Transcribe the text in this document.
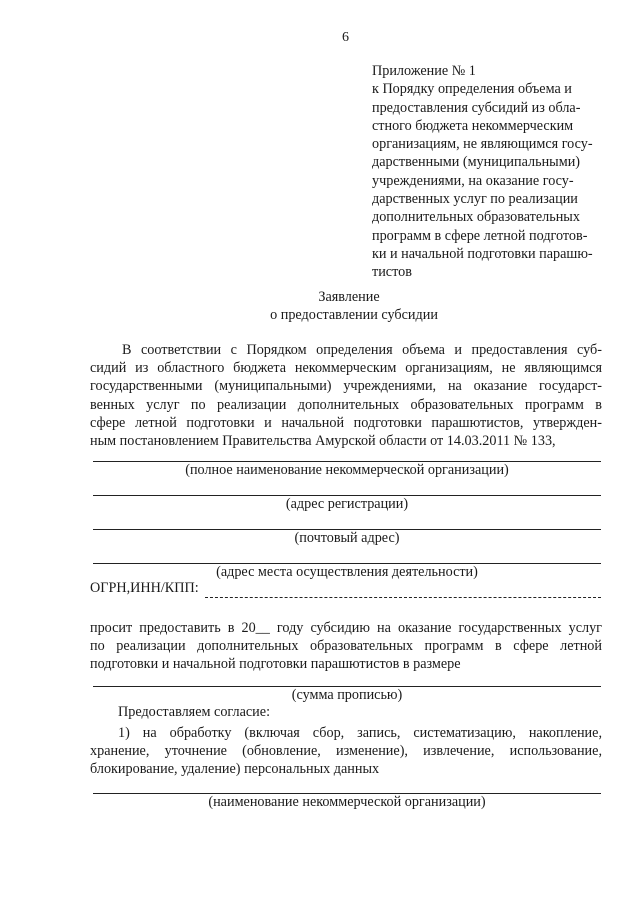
6
Приложение № 1
к Порядку определения объема и
предоставления субсидий из обла-
стного бюджета некоммерческим
организациям, не являющимся госу-
дарственными (муниципальными)
учреждениями, на оказание госу-
дарственных услуг по реализации
дополнительных образовательных
программ в сфере летной подготов-
ки и начальной подготовки парашю-
тистов
Заявление
о предоставлении субсидии
В соответствии с Порядком определения объема и предоставления суб-
сидий из областного бюджета некоммерческим организациям, не являющимся
государственными (муниципальными) учреждениями, на оказание государст-
венных услуг по реализации дополнительных образовательных программ в
сфере летной подготовки и начальной подготовки парашютистов, утвержден-
ным постановлением Правительства Амурской области от 14.03.2011 № 133,
(полное наименование некоммерческой организации)
(адрес регистрации)
(почтовый адрес)
(адрес места осуществления деятельности)
ОГРН,ИНН/КПП:
просит предоставить в 20__ году субсидию на оказание государственных услуг
по реализации дополнительных образовательных программ в сфере летной
подготовки и начальной подготовки парашютистов в размере
(сумма прописью)
Предоставляем согласие:
1) на обработку (включая сбор, запись, систематизацию, накопление,
хранение, уточнение (обновление, изменение), извлечение, использование,
блокирование, удаление) персональных данных
(наименование некоммерческой организации)
